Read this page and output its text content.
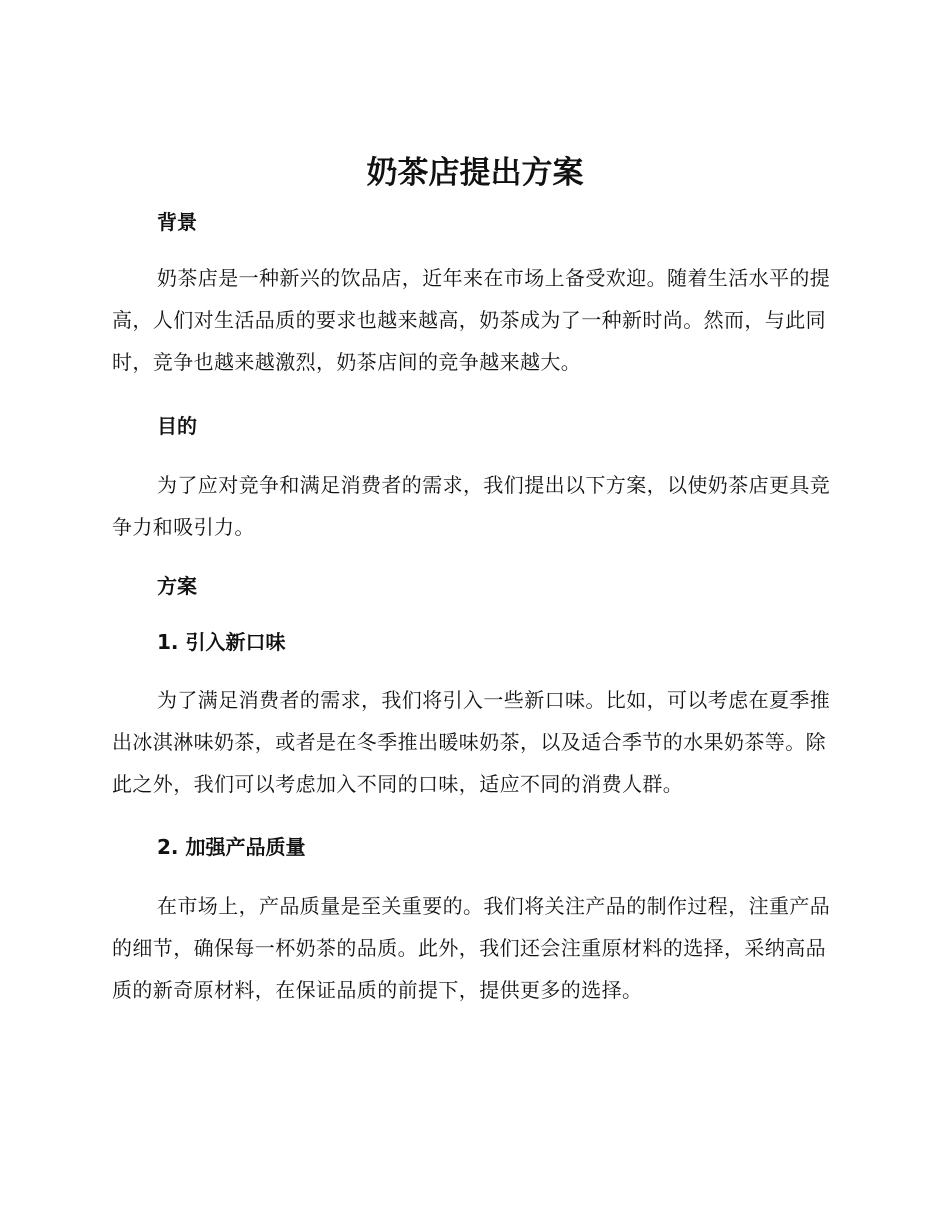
奶茶店提出方案
背景

奶茶店是一种新兴的饮品店，近年来在市场上备受欢迎。随着生活水平的提高，人们对生活品质的要求也越来越高，奶茶成为了一种新时尚。然而，与此同时，竞争也越来越激烈，奶茶店间的竞争越来越大。

目的

为了应对竞争和满足消费者的需求，我们提出以下方案，以使奶茶店更具竞争力和吸引力。

方案
1. 引入新口味

为了满足消费者的需求，我们将引入一些新口味。比如，可以考虑在夏季推出冰淇淋味奶茶，或者是在冬季推出暖味奶茶，以及适合季节的水果奶茶等。除此之外，我们可以考虑加入不同的口味，适应不同的消费人群。

2. 加强产品质量

在市场上，产品质量是至关重要的。我们将关注产品的制作过程，注重产品的细节，确保每一杯奶茶的品质。此外，我们还会注重原材料的选择，采纳高品质的新奇原材料，在保证品质的前提下，提供更多的选择。
